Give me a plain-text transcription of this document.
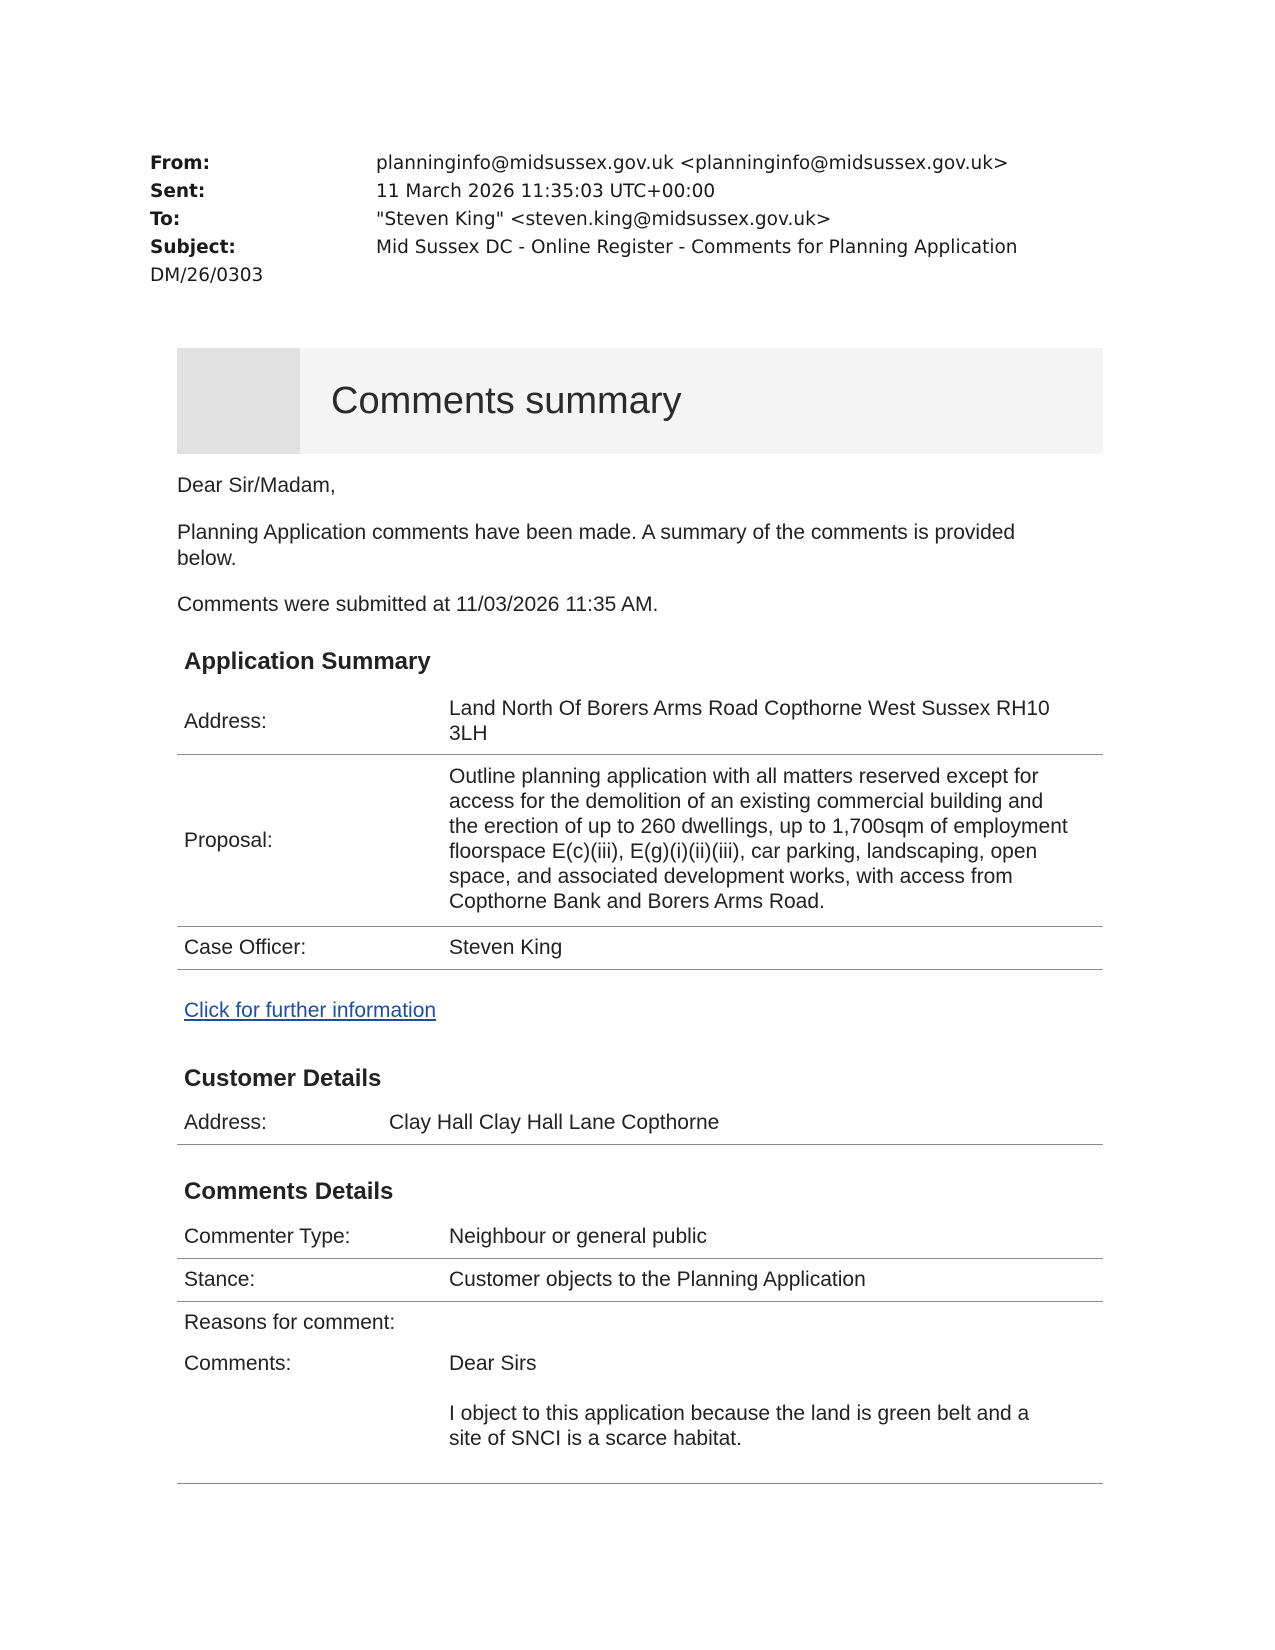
From:	planninginfo@midsussex.gov.uk <planninginfo@midsussex.gov.uk>
Sent:	11 March 2026 11:35:03 UTC+00:00
To:	"Steven King" <steven.king@midsussex.gov.uk>
Subject:	Mid Sussex DC - Online Register - Comments for Planning Application
DM/26/0303
Comments summary

Dear Sir/Madam,

Planning Application comments have been made. A summary of the comments is provided below.

Comments were submitted at 11/03/2026 11:35 AM.

Application Summary
Address:
Land North Of Borers Arms Road Copthorne West Sussex RH10 3LH
Proposal:
Outline planning application with all matters reserved except for access for the demolition of an existing commercial building and the erection of up to 260 dwellings, up to 1,700sqm of employment floorspace E(c)(iii), E(g)(i)(ii)(iii), car parking, landscaping, open space, and associated development works, with access from Copthorne Bank and Borers Arms Road.
Case Officer:	Steven King
Click for further information
Customer Details
Address:	Clay Hall Clay Hall Lane Copthorne
Comments Details
Commenter Type:	Neighbour or general public
Stance:	Customer objects to the Planning Application
Reasons for comment:
Comments:	Dear Sirs
I object to this application because the land is green belt and a site of SNCI is a scarce habitat.
